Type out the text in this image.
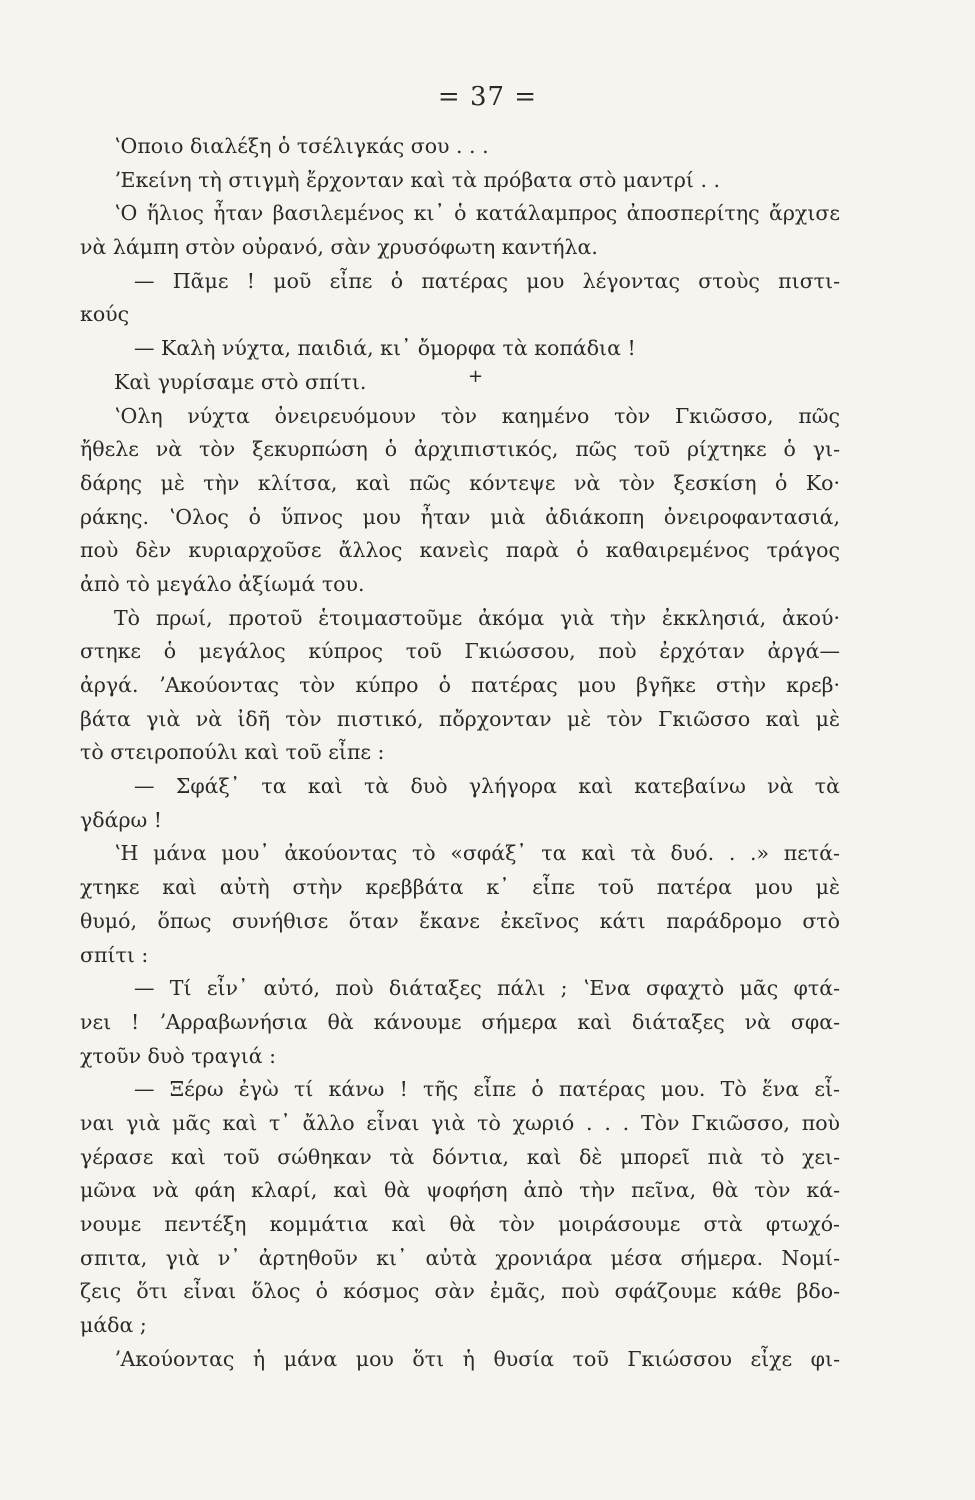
= 37 =
+
ʽΟποιο διαλέξη ὁ τσέλιγκάς σου . . .
ʼΕκείνη τὴ στιγμὴ ἔρχονταν καὶ τὰ πρόβατα στὸ μαντρί . .
ʽΟ ἥλιος ἦταν βασιλεμένος κι᾽ ὁ κατάλαμπρος ἀποσπερίτης ἄρχισε
νὰ λάμπη στὸν οὐρανό, σὰν χρυσόφωτη καντήλα.
— Πᾶμε ! μοῦ εἶπε ὁ πατέρας μου λέγοντας στοὺς πιστι-
κούς
— Καλὴ νύχτα, παιδιά, κι᾽ ὄμορφα τὰ κοπάδια !
Καὶ γυρίσαμε στὸ σπίτι.
ʽΟλη νύχτα ὀνειρευόμουν τὸν καημένο τὸν Γκιῶσσο, πῶς
ἤθελε νὰ τὸν ξεκυρπώση ὁ ἀρχιπιστικός, πῶς τοῦ ρίχτηκε ὁ γι-
δάρης μὲ τὴν κλίτσα, καὶ πῶς κόντεψε νὰ τὸν ξεσκίση ὁ Κο·
ράκης. ʽΟλος ὁ ὕπνος μου ἦταν μιὰ ἀδιάκοπη ὀνειροφαντασιά,
ποὺ δὲν κυριαρχοῦσε ἄλλος κανεὶς παρὰ ὁ καθαιρεμένος τράγος
ἀπὸ τὸ μεγάλο ἀξίωμά του.
Τὸ πρωί, προτοῦ ἑτοιμαστοῦμε ἀκόμα γιὰ τὴν ἐκκλησιά, ἀκού·
στηκε ὁ μεγάλος κύπρος τοῦ Γκιώσσου, ποὺ ἐρχόταν ἀργά—
ἀργά. ʼΑκούοντας τὸν κύπρο ὁ πατέρας μου βγῆκε στὴν κρεβ·
βάτα γιὰ νὰ ἰδῆ τὸν πιστικό, πὄρχονταν μὲ τὸν Γκιῶσσο καὶ μὲ
τὸ στειροπούλι καὶ τοῦ εἶπε :
— Σφάξ᾽ τα καὶ τὰ δυὸ γλήγορα καὶ κατεβαίνω νὰ τὰ
γδάρω !
ʽΗ μάνα μου᾽ ἀκούοντας τὸ «σφάξ᾽ τα καὶ τὰ δυό. . .» πετά-
χτηκε καὶ αὐτὴ στὴν κρεββάτα κ᾽ εἶπε τοῦ πατέρα μου μὲ
θυμό, ὅπως συνήθισε ὅταν ἔκανε ἐκεῖνος κάτι παράδρομο στὸ
σπίτι :
— Τί εἶν᾽ αὐτό, ποὺ διάταξες πάλι ; ʽΕνα σφαχτὸ μᾶς φτά-
νει ! ʼΑρραβωνήσια θὰ κάνουμε σήμερα καὶ διάταξες νὰ σφα-
χτοῦν δυὸ τραγιά :
— Ξέρω ἐγὼ τί κάνω ! τῆς εἶπε ὁ πατέρας μου. Τὸ ἕνα εἶ-
ναι γιὰ μᾶς καὶ τ᾽ ἄλλο εἶναι γιὰ τὸ χωριό . . . Τὸν Γκιῶσσο, ποὺ
γέρασε καὶ τοῦ σώθηκαν τὰ δόντια, καὶ δὲ μπορεῖ πιὰ τὸ χει-
μῶνα νὰ φάη κλαρί, καὶ θὰ ψοφήση ἀπὸ τὴν πεῖνα, θὰ τὸν κά-
νουμε πεντέξη κομμάτια καὶ θὰ τὸν μοιράσουμε στὰ φτωχό-
σπιτα, γιὰ ν᾽ ἀρτηθοῦν κι᾽ αὐτὰ χρονιάρα μέσα σήμερα. Νομί-
ζεις ὅτι εἶναι ὅλος ὁ κόσμος σὰν ἐμᾶς, ποὺ σφάζουμε κάθε βδο-
μάδα ;
ʼΑκούοντας ἡ μάνα μου ὅτι ἡ θυσία τοῦ Γκιώσσου εἶχε φι-
